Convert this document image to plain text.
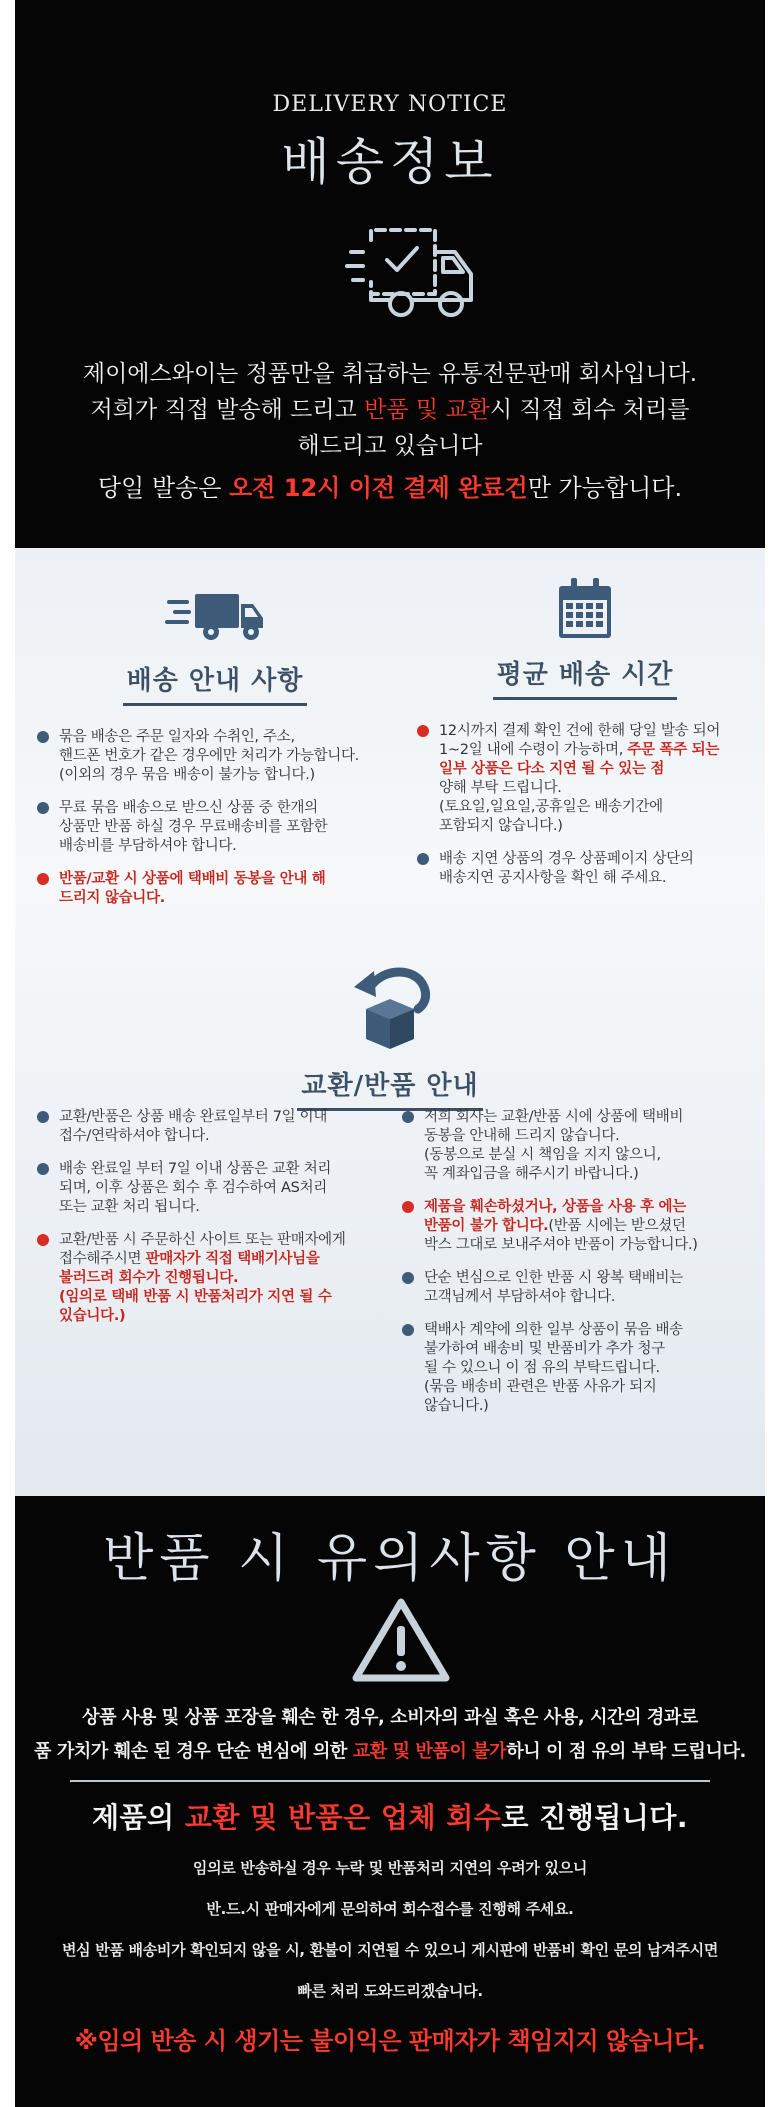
DELIVERY NOTICE
배송정보
제이에스와이는 정품만을 취급하는 유통전문판매 회사입니다.
저희가 직접 발송해 드리고 반품 및 교환시 직접 회수 처리를
해드리고 있습니다
당일 발송은 오전 12시 이전 결제 완료건만 가능합니다.
배송 안내 사항
묶음 배송은 주문 일자와 수취인, 주소,
핸드폰 번호가 같은 경우에만 처리가 가능합니다.
(이외의 경우 묶음 배송이 불가능 합니다.)
무료 묶음 배송으로 받으신 상품 중 한개의
상품만 반품 하실 경우 무료배송비를 포함한
배송비를 부담하셔야 합니다.
반품/교환 시 상품에 택배비 동봉을 안내 해
드리지 않습니다.
평균 배송 시간
12시까지 결제 확인 건에 한해 당일 발송 되어
1~2일 내에 수령이 가능하며, 주문 폭주 되는
일부 상품은 다소 지연 될 수 있는 점
양해 부탁 드립니다.
(토요일,일요일,공휴일은 배송기간에
포함되지 않습니다.)
배송 지연 상품의 경우 상품페이지 상단의
배송지연 공지사항을 확인 해 주세요.
교환/반품 안내
교환/반품은 상품 배송 완료일부터 7일 이내
접수/연락하셔야 합니다.
배송 완료일 부터 7일 이내 상품은 교환 처리
되며, 이후 상품은 회수 후 검수하여 AS처리
또는 교환 처리 됩니다.
교환/반품 시 주문하신 사이트 또는 판매자에게
접수해주시면 판매자가 직접 택배기사님을
불러드려 회수가 진행됩니다.
(임의로 택배 반품 시 반품처리가 지연 될 수
있습니다.)
저희 회사는 교환/반품 시에 상품에 택배비
동봉을 안내해 드리지 않습니다.
(동봉으로 분실 시 책임을 지지 않으니,
꼭 계좌입금을 해주시기 바랍니다.)
제품을 훼손하셨거나, 상품을 사용 후 에는
반품이 불가 합니다.(반품 시에는 받으셨던
박스 그대로 보내주셔야 반품이 가능합니다.)
단순 변심으로 인한 반품 시 왕복 택배비는
고객님께서 부담하셔야 합니다.
택배사 계약에 의한 일부 상품이 묶음 배송
불가하여 배송비 및 반품비가 추가 청구
될 수 있으니 이 점 유의 부탁드립니다.
(묶음 배송비 관련은 반품 사유가 되지
않습니다.)
반품 시 유의사항 안내
상품 사용 및 상품 포장을 훼손 한 경우, 소비자의 과실 혹은 사용, 시간의 경과로
품 가치가 훼손 된 경우 단순 변심에 의한 교환 및 반품이 불가하니 이 점 유의 부탁 드립니다.
제품의 교환 및 반품은 업체 회수로 진행됩니다.
임의로 반송하실 경우 누락 및 반품처리 지연의 우려가 있으니
반.드.시 판매자에게 문의하여 회수접수를 진행해 주세요.
변심 반품 배송비가 확인되지 않을 시, 환불이 지연될 수 있으니 게시판에 반품비 확인 문의 남겨주시면
빠른 처리 도와드리겠습니다.
※임의 반송 시 생기는 불이익은 판매자가 책임지지 않습니다.
